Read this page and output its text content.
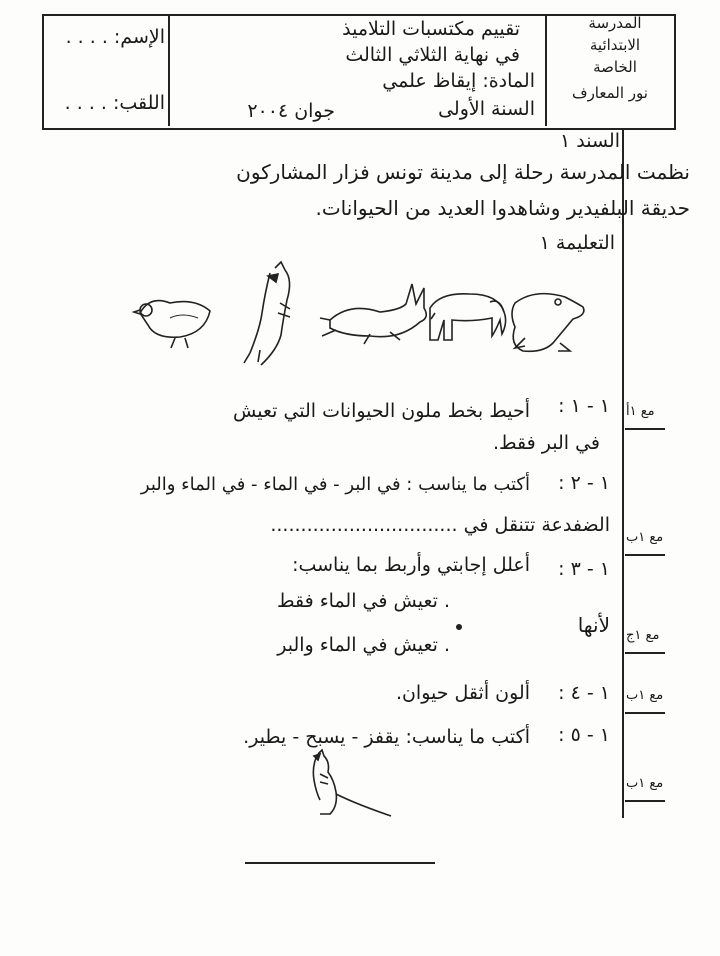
المدرسة
الابتدائية
الخاصة
نور المعارف
تقييم مكتسبات التلاميذ
في نهاية الثلاثي الثالث
المادة: إيقاظ علمي
السنة الأولى
جوان ٢٠٠٤
الإسم: . . . .
اللقب: . . . .
السند ١
نظمت المدرسة رحلة إلى مدينة تونس فزار المشاركون
حديقة البلفيدير وشاهدوا العديد من الحيوانات.
التعليمة ١
١ - ١ :
أحيط بخط ملون الحيوانات التي تعيش
في البر فقط.
١ - ٢ :
أكتب ما يناسب : في البر - في الماء - في الماء والبر
الضفدعة تتنقل في ...............................
١ - ٣ :
أعلل إجابتي وأربط بما يناسب:
. تعيش في الماء فقط
لأنها
. تعيش في الماء والبر
١ - ٤ :
ألون أثقل حيوان.
١ - ٥ :
أكتب ما يناسب: يقفز - يسبح - يطير.
مع ١أ
مع ١ب
مع ١ج
مع ١ب
مع ١ب
